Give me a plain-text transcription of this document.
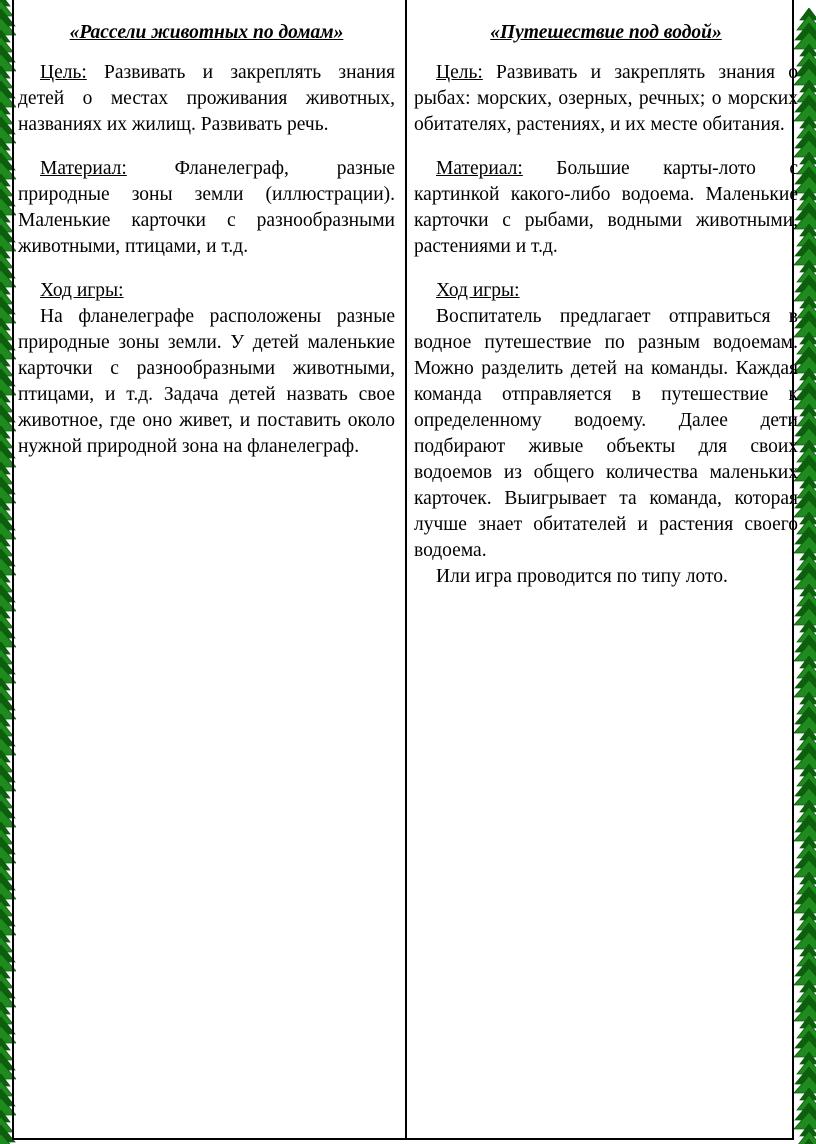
«Рассели животных по домам»

Цель: Развивать и закреплять знания детей о местах проживания животных, названиях их жилищ. Развивать речь.

Материал: Фланелеграф, разные природные зоны земли (иллюстрации). Маленькие карточки с разнообразными животными, птицами, и т.д.

Ход игры:

На фланелеграфе расположены разные природные зоны земли. У детей маленькие карточки с разнообразными животными, птицами, и т.д. Задача детей назвать свое животное, где оно живет, и поставить около нужной природной зона на фланелеграф.

«Путешествие под водой»

Цель: Развивать и закреплять знания о рыбах: морских, озерных, речных; о морских обитателях, растениях, и их месте обитания.

Материал: Большие карты-лото с картинкой какого-либо водоема. Маленькие карточки с рыбами, водными животными, растениями и т.д.

Ход игры:

Воспитатель предлагает отправиться в водное путешествие по разным водоемам. Можно разделить детей на команды. Каждая команда отправляется в путешествие к определенному водоему. Далее дети подбирают живые объекты для своих водоемов из общего количества маленьких карточек. Выигрывает та команда, которая лучше знает обитателей и растения своего водоема.

Или игра проводится по типу лото.
